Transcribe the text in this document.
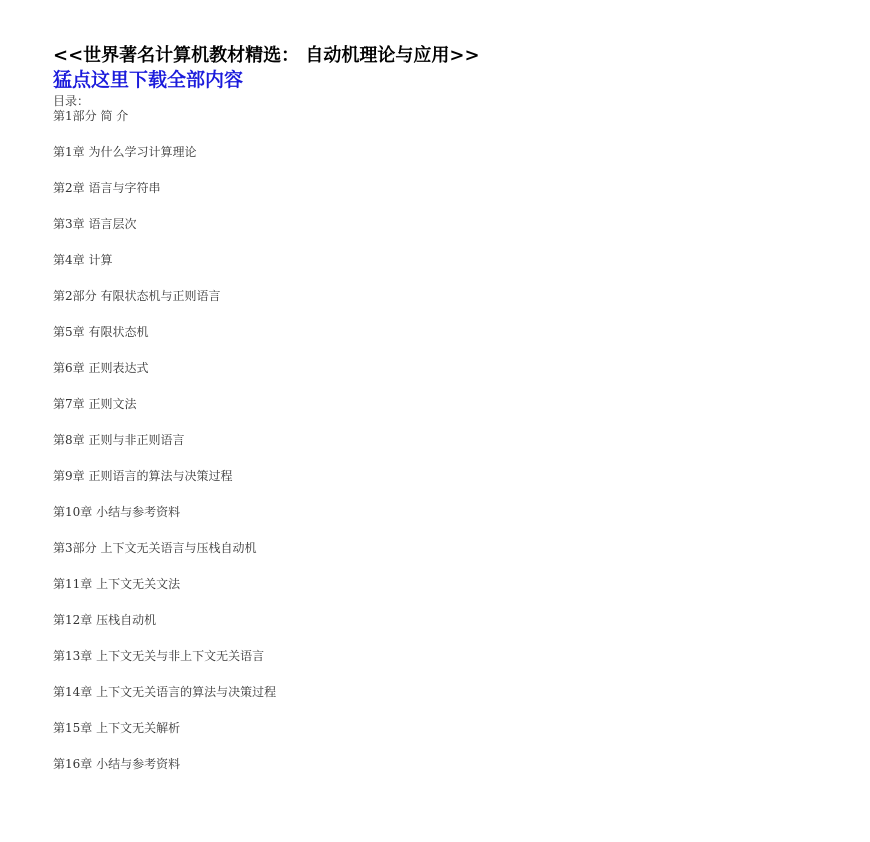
<<世界著名计算机教材精选： 自动机理论与应用>>
猛点这里下载全部内容
目录：
第1部分 简 介
第1章 为什么学习计算理论
第2章 语言与字符串
第3章 语言层次
第4章 计算
第2部分 有限状态机与正则语言
第5章 有限状态机
第6章 正则表达式
第7章 正则文法
第8章 正则与非正则语言
第9章 正则语言的算法与决策过程
第10章 小结与参考资料
第3部分 上下文无关语言与压栈自动机
第11章 上下文无关文法
第12章 压栈自动机
第13章 上下文无关与非上下文无关语言
第14章 上下文无关语言的算法与决策过程
第15章 上下文无关解析
第16章 小结与参考资料
